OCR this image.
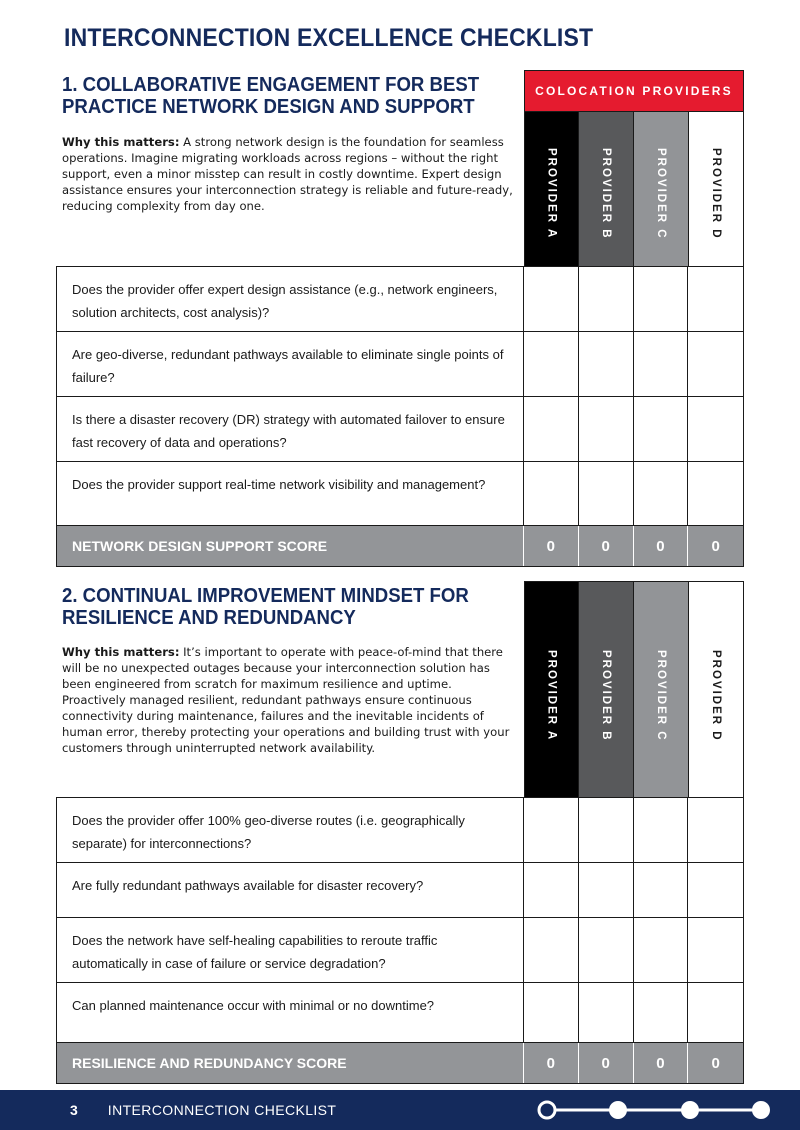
INTERCONNECTION EXCELLENCE CHECKLIST
1. COLLABORATIVE ENGAGEMENT FOR BEST
PRACTICE NETWORK DESIGN AND SUPPORT
Why this matters: A strong network design is the foundation for seamless operations. Imagine migrating workloads across regions – without the right support, even a minor misstep can result in costly downtime. Expert design assistance ensures your interconnection strategy is reliable and future-ready, reducing complexity from day one.
COLOCATION PROVIDERS
PROVIDER A	PROVIDER B	PROVIDER C	PROVIDER D
Does the provider offer expert design assistance (e.g., network engineers, solution architects, cost analysis)?
Are geo-diverse, redundant pathways available to eliminate single points of failure?
Is there a disaster recovery (DR) strategy with automated failover to ensure fast recovery of data and operations?
Does the provider support real-time network visibility and management?
NETWORK DESIGN SUPPORT SCORE	0	0	0	0
2. CONTINUAL IMPROVEMENT MINDSET FOR
RESILIENCE AND REDUNDANCY
Why this matters: It’s important to operate with peace-of-mind that there will be no unexpected outages because your interconnection solution has been engineered from scratch for maximum resilience and uptime. Proactively managed resilient, redundant pathways ensure continuous connectivity during maintenance, failures and the inevitable incidents of human error, thereby protecting your operations and building trust with your customers through uninterrupted network availability.
PROVIDER A	PROVIDER B	PROVIDER C	PROVIDER D
Does the provider offer 100% geo-diverse routes (i.e. geographically separate) for interconnections?
Are fully redundant pathways available for disaster recovery?
Does the network have self-healing capabilities to reroute traffic automatically in case of failure or service degradation?
Can planned maintenance occur with minimal or no downtime?
RESILIENCE AND REDUNDANCY SCORE	0	0	0	0
3 INTERCONNECTION CHECKLIST
